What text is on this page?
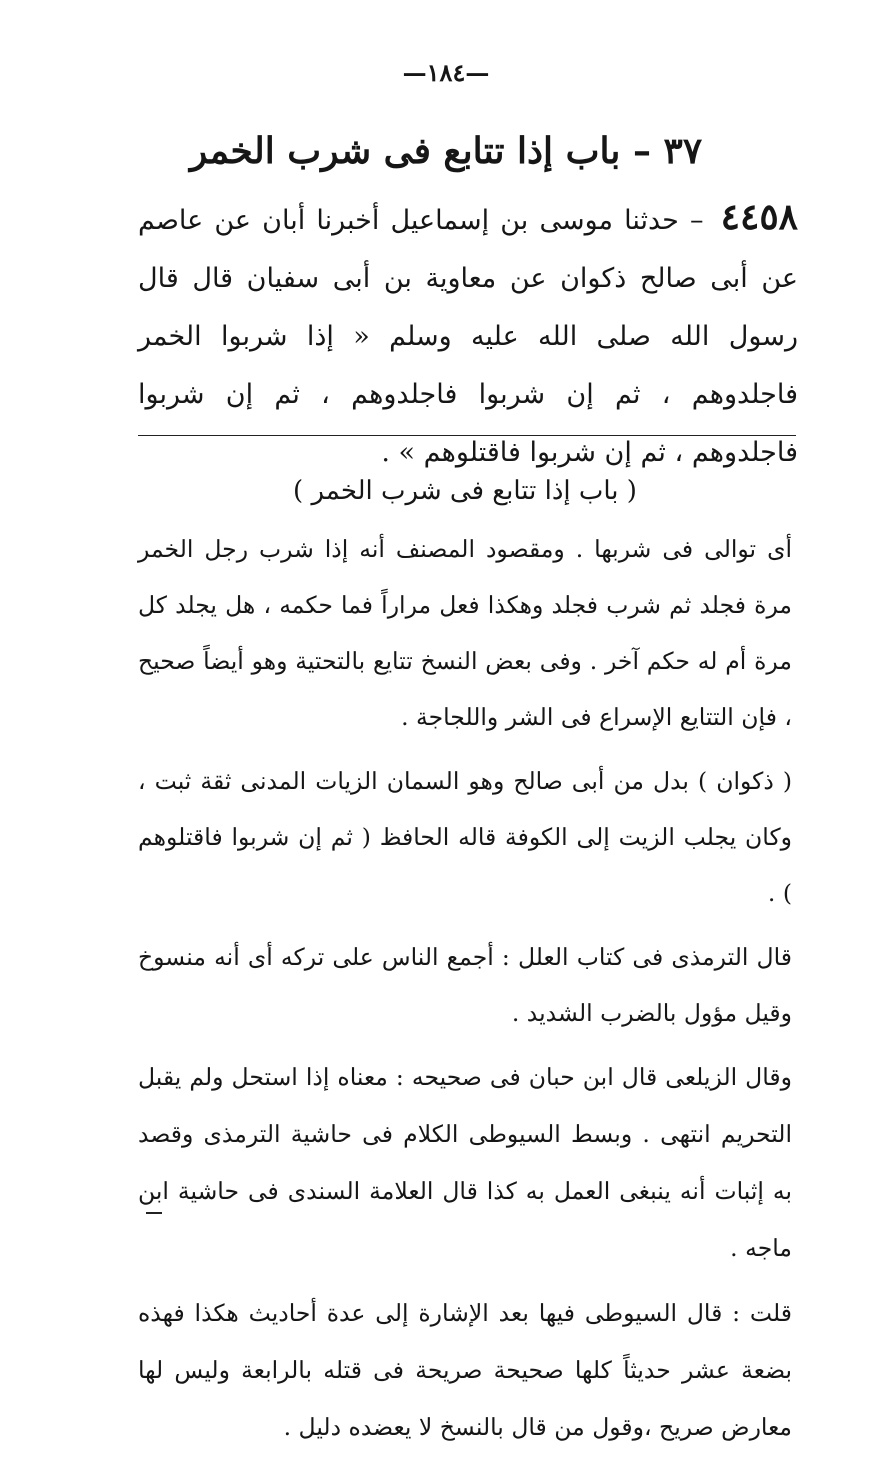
—١٨٤—
٣٧ – باب إذا تتابع فى شرب الخمر
٤٤٥٨ – حدثنا موسى بن إسماعيل أخبرنا أبان عن عاصم عن أبى صالح ذكوان عن معاوية بن أبى سفيان قال قال رسول الله صلى الله عليه وسلم « إذا شربوا الخمر فاجلدوهم ، ثم إن شربوا فاجلدوهم ، ثم إن شربوا فاجلدوهم ، ثم إن شربوا فاقتلوهم » .
( باب إذا تتابع فى شرب الخمر )

أى توالى فى شربها . ومقصود المصنف أنه إذا شرب رجل الخمر مرة فجلد ثم شرب فجلد وهكذا فعل مراراً فما حكمه ، هل يجلد كل مرة أم له حكم آخر . وفى بعض النسخ تتايع بالتحتية وهو أيضاً صحيح ، فإن التتايع الإسراع فى الشر واللجاجة .

( ذكوان ) بدل من أبى صالح وهو السمان الزيات المدنى ثقة ثبت ، وكان يجلب الزيت إلى الكوفة قاله الحافظ ( ثم إن شربوا فاقتلوهم ) .

قال الترمذى فى كتاب العلل : أجمع الناس على تركه أى أنه منسوخ وقيل مؤول بالضرب الشديد .

وقال الزيلعى قال ابن حبان فى صحيحه : معناه إذا استحل ولم يقبل التحريم انتهى . وبسط السيوطى الكلام فى حاشية الترمذى وقصد به إثبات أنه ينبغى العمل به كذا قال العلامة السندى فى حاشية ابن ماجه .

قلت : قال السيوطى فيها بعد الإشارة إلى عدة أحاديث هكذا فهذه بضعة عشر حديثاً كلها صحيحة صريحة فى قتله بالرابعة وليس لها معارض صريح ،وقول من قال بالنسخ لا يعضده دليل .
